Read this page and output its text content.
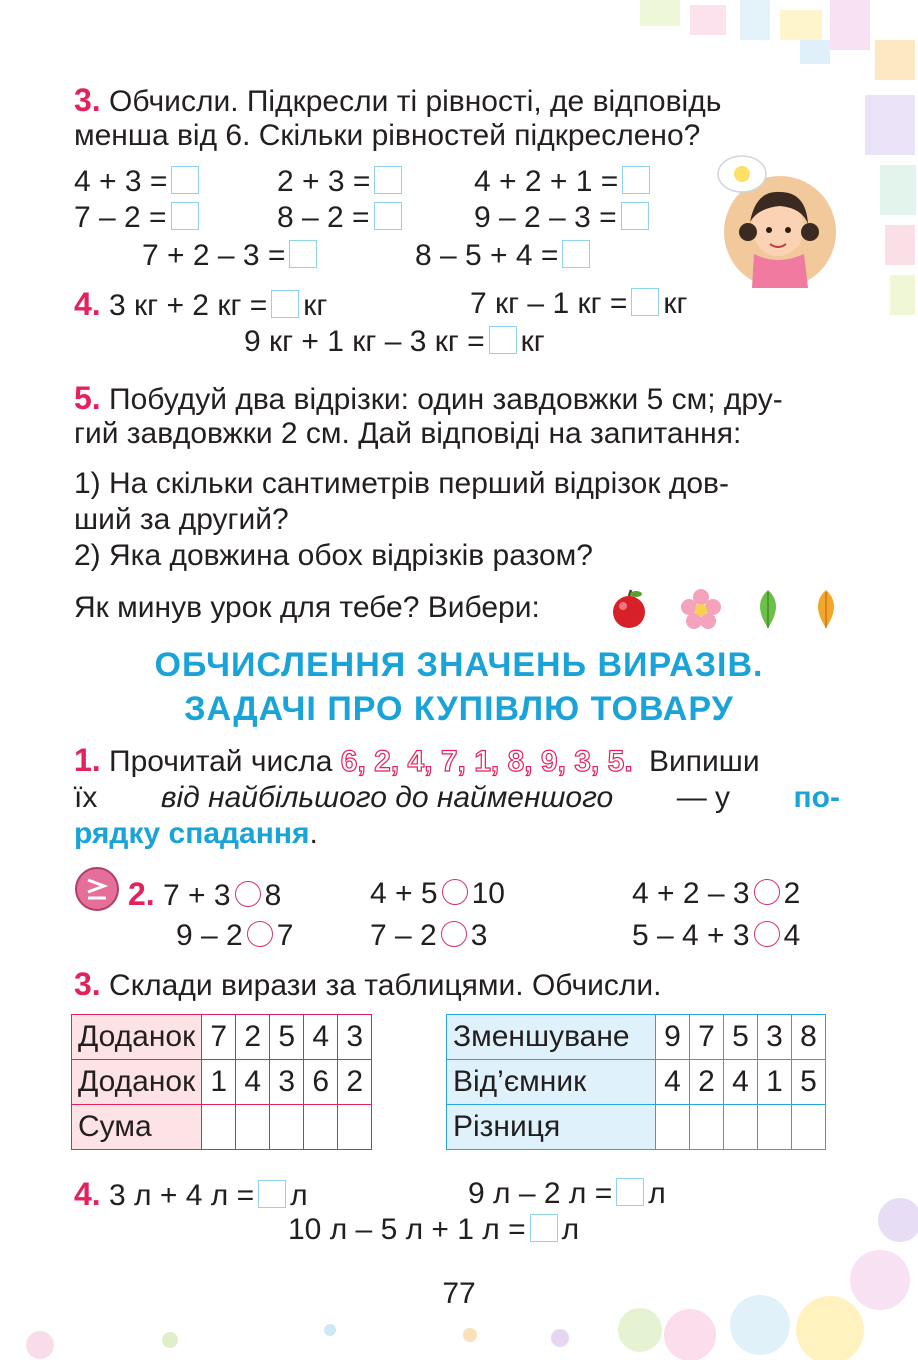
3. Обчисли. Підкресли ті рівності, де відповідь
менша від 6. Скільки рівностей підкреслено?
4 + 3 =	2 + 3 =	4 + 2 + 1 =
7 – 2 =	8 – 2 =	9 – 2 – 3 =
7 + 2 – 3 =	8 – 5 + 4 =
4. 3 кг + 2 кг = кг	7 кг – 1 кг = кг
9 кг + 1 кг – 3 кг = кг
5. Побудуй два відрізки: один завдовжки 5 см; дру-
гий завдовжки 2 см. Дай відповіді на запитання:
1) На скільки сантиметрів перший відрізок дов-
ший за другий?
2) Яка довжина обох відрізків разом?
Як минув урок для тебе? Вибери:
ОБЧИСЛЕННЯ ЗНАЧЕНЬ ВИРАЗІВ.
ЗАДАЧІ ПРО КУПІВЛЮ ТОВАРУ
1. Прочитай числа 6, 2, 4, 7, 1, 8, 9, 3, 5. Випиши
їх від найбільшого до найменшого — у по-
рядку спадання.
2. 7 + 3 8	4 + 5 10	4 + 2 – 3 2
9 – 2 7	7 – 2 3	5 – 4 + 3 4
3. Склади вирази за таблицями. Обчисли.
Доданок	7	2	5	4	3
Доданок	1	4	3	6	2
Сума					
Зменшуване	9	7	5	3	8
Від’ємник	4	2	4	1	5
Різниця					
4. 3 л + 4 л = л	9 л – 2 л = л
10 л – 5 л + 1 л = л
77
